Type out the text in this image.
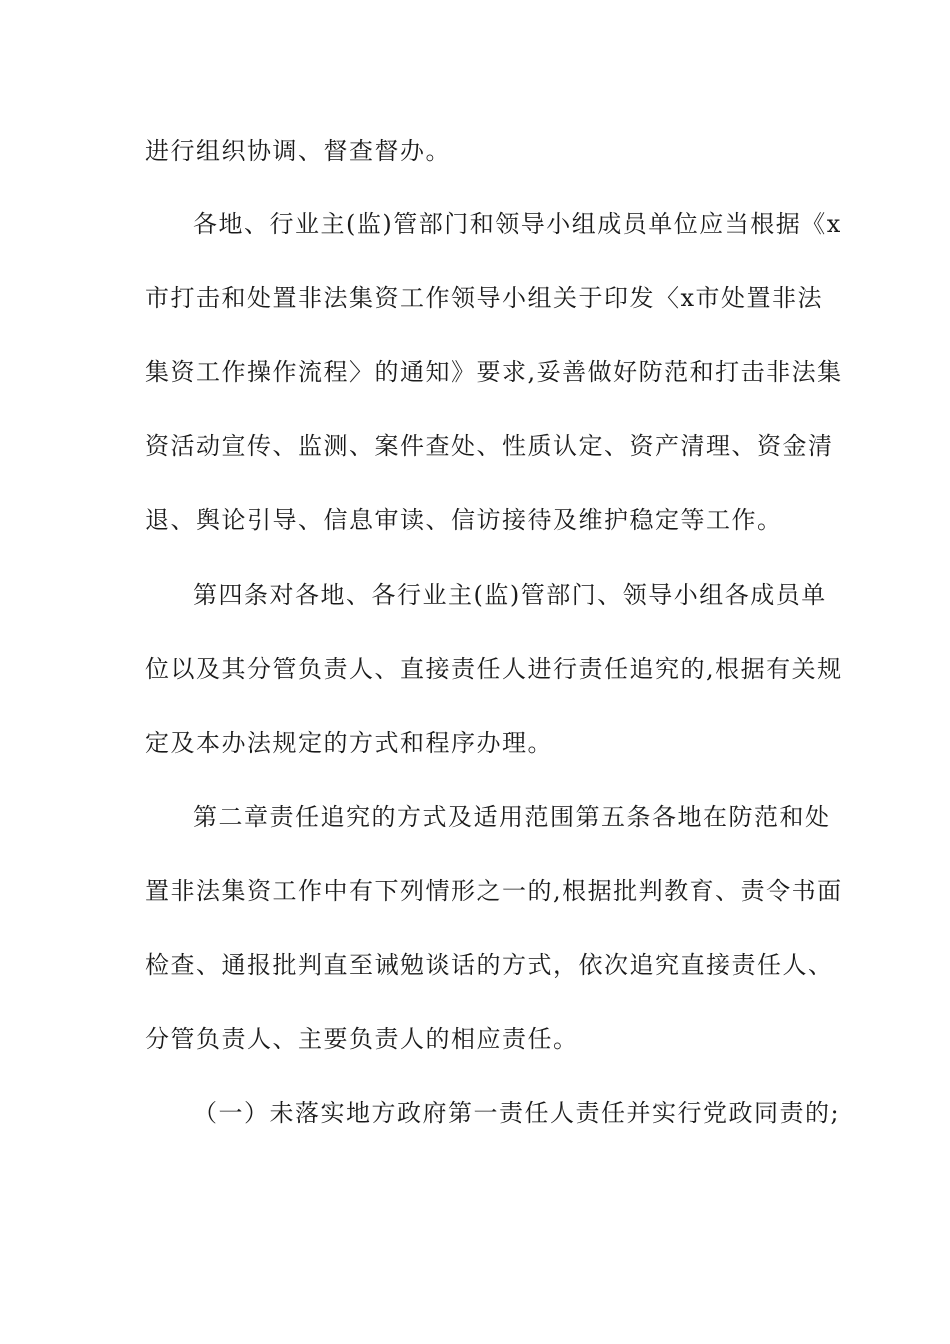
进行组织协调、督查督办。

各地、行业主(监)管部门和领导小组成员单位应当根据《x

市打击和处置非法集资工作领导小组关于印发〈x市处置非法

集资工作操作流程〉的通知》要求,妥善做好防范和打击非法集

资活动宣传、监测、案件查处、性质认定、资产清理、资金清

退、舆论引导、信息审读、信访接待及维护稳定等工作。

第四条对各地、各行业主(监)管部门、领导小组各成员单

位以及其分管负责人、直接责任人进行责任追究的,根据有关规

定及本办法规定的方式和程序办理。

第二章责任追究的方式及适用范围第五条各地在防范和处

置非法集资工作中有下列情形之一的,根据批判教育、责令书面

检查、通报批判直至诫勉谈话的方式，依次追究直接责任人、

分管负责人、主要负责人的相应责任。

（一）未落实地方政府第一责任人责任并实行党政同责的;
